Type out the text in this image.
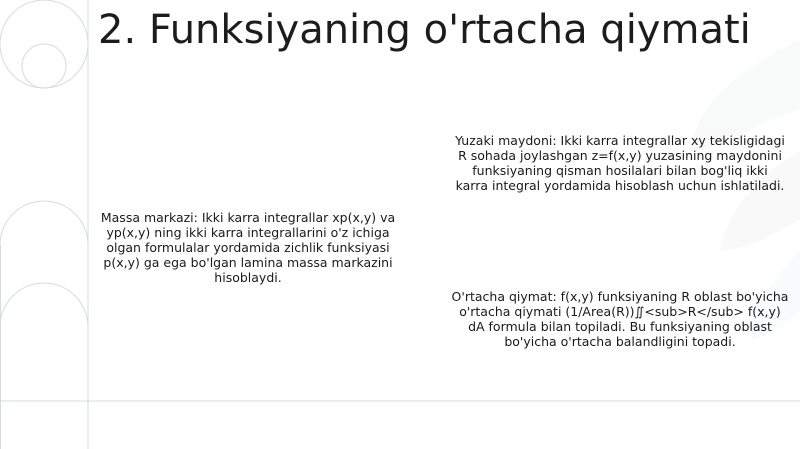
2. Funksiyaning o'rtacha qiymati

Yuzaki maydoni: Ikki karra integrallar xy tekisligidagi R sohada joylashgan z=f(x,y) yuzasining maydonini funksiyaning qisman hosilalari bilan bog'liq ikki karra integral yordamida hisoblash uchun ishlatiladi.

Massa markazi: Ikki karra integrallar xp(x,y) va yp(x,y) ning ikki karra integrallarini o'z ichiga olgan formulalar yordamida zichlik funksiyasi p(x,y) ga ega bo'lgan lamina massa markazini hisoblaydi.

O'rtacha qiymat: f(x,y) funksiyaning R oblast bo'yicha o'rtacha qiymati (1/Area(R))∬<sub>R</sub> f(x,y) dA formula bilan topiladi. Bu funksiyaning oblast bo'yicha o'rtacha balandligini topadi.
